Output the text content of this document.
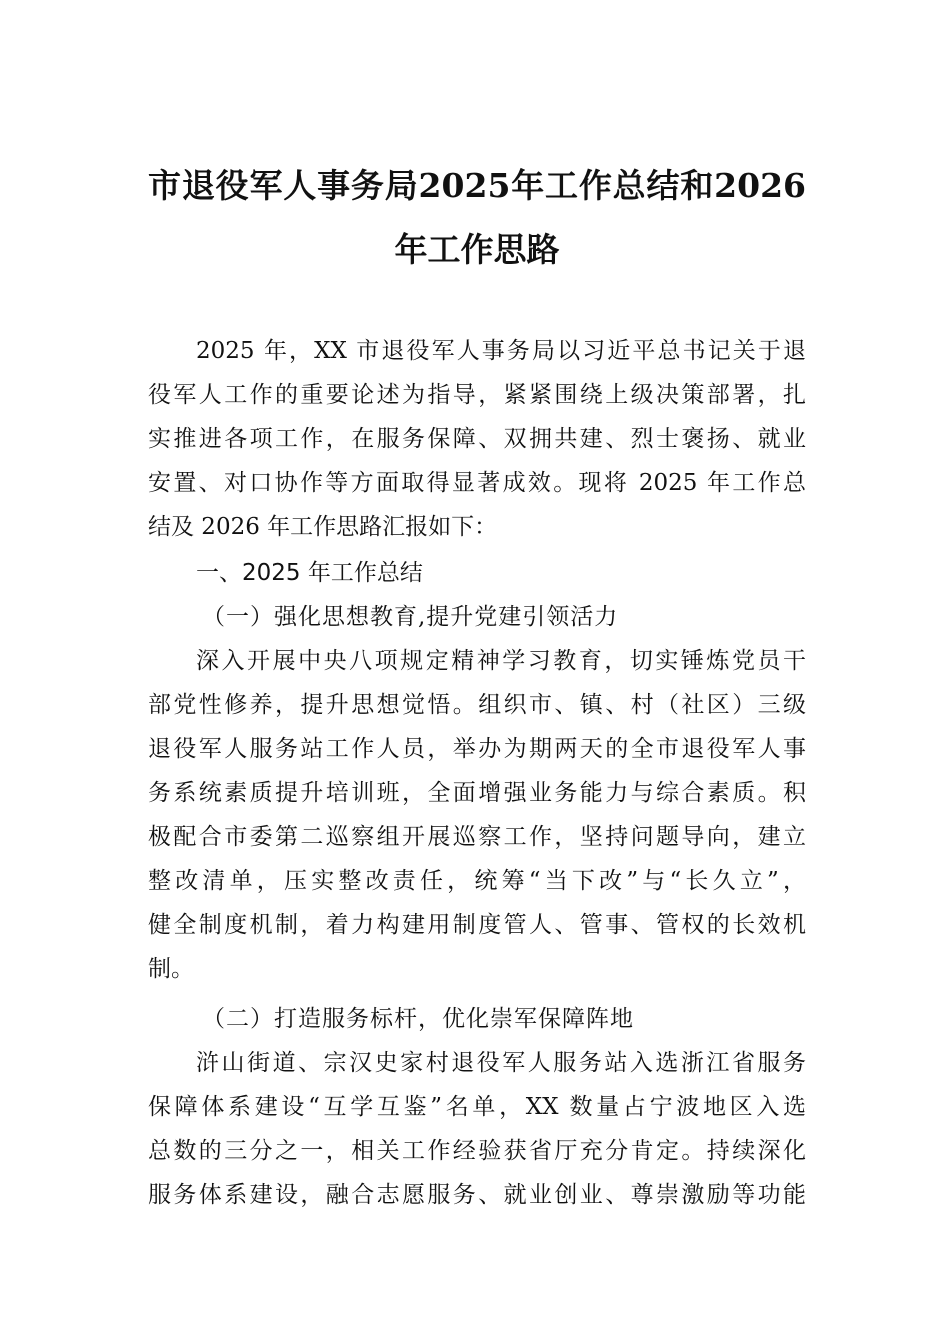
市退役军人事务局2025年工作总结和2026
年工作思路
2025 年，XX 市退役军人事务局以习近平总书记关于退
役军人工作的重要论述为指导，紧紧围绕上级决策部署，扎
实推进各项工作，在服务保障、双拥共建、烈士褒扬、就业
安置、对口协作等方面取得显著成效。现将 2025 年工作总
结及 2026 年工作思路汇报如下：
一、2025 年工作总结
（一）强化思想教育,提升党建引领活力
深入开展中央八项规定精神学习教育，切实锤炼党员干
部党性修养，提升思想觉悟。组织市、镇、村（社区）三级
退役军人服务站工作人员，举办为期两天的全市退役军人事
务系统素质提升培训班，全面增强业务能力与综合素质。积
极配合市委第二巡察组开展巡察工作，坚持问题导向，建立
整改清单，压实整改责任，统筹“当下改”与“长久立”，
健全制度机制，着力构建用制度管人、管事、管权的长效机
制。
（二）打造服务标杆，优化崇军保障阵地
浒山街道、宗汉史家村退役军人服务站入选浙江省服务
保障体系建设“互学互鉴”名单，XX 数量占宁波地区入选
总数的三分之一，相关工作经验获省厅充分肯定。持续深化
服务体系建设，融合志愿服务、就业创业、尊崇激励等功能
